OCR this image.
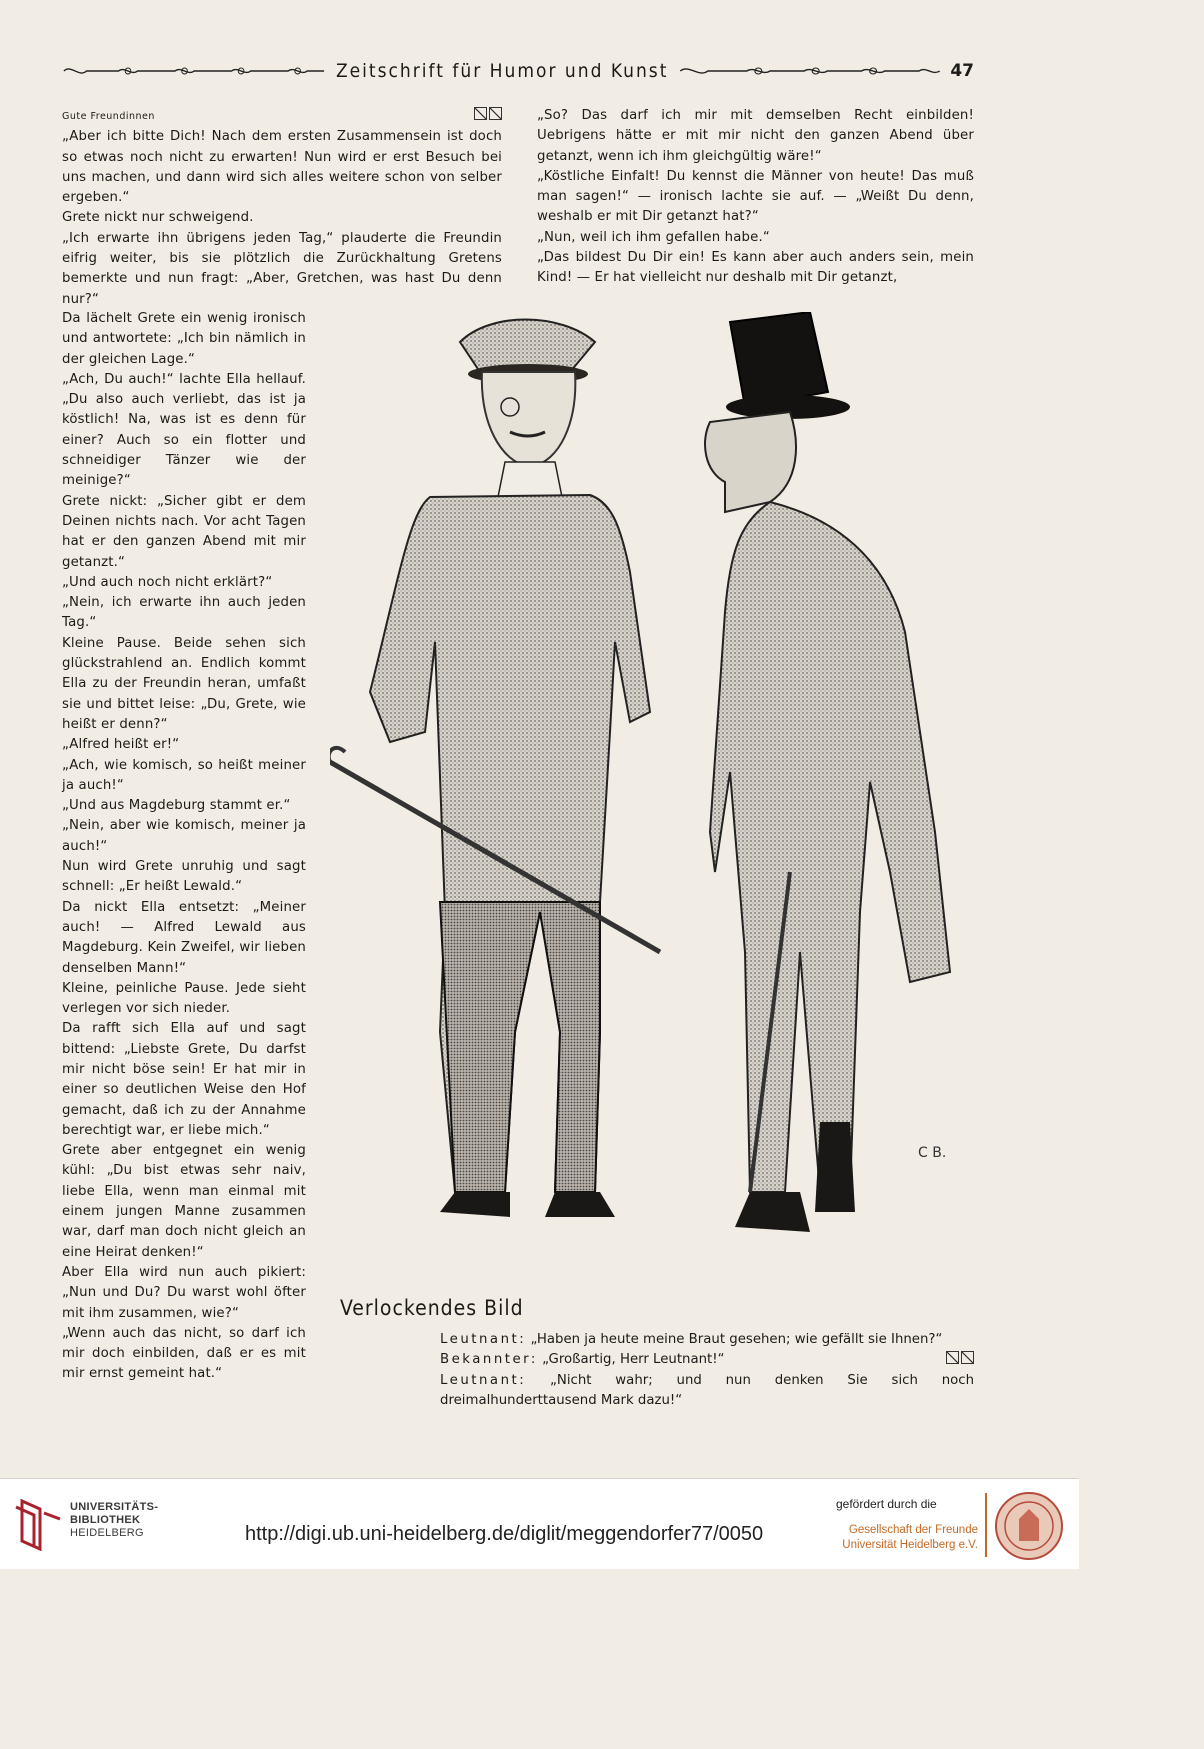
Zeitschrift für Humor und Kunst	47

Gute Freundinnen

„Aber ich bitte Dich! Nach dem ersten Zusammensein ist doch so etwas noch nicht zu erwarten! Nun wird er erst Besuch bei uns machen, und dann wird sich alles weitere schon von selber ergeben.“

Grete nickt nur schweigend.

„Ich erwarte ihn übrigens jeden Tag,“ plauderte die Freundin eifrig weiter, bis sie plötzlich die Zurückhaltung Gretens bemerkte und nun fragt: „Aber, Gretchen, was hast Du denn nur?“

Da lächelt Grete ein wenig ironisch und antwortete: „Ich bin nämlich in der gleichen Lage.“

„Ach, Du auch!“ lachte Ella hellauf. „Du also auch verliebt, das ist ja köstlich! Na, was ist es denn für einer? Auch so ein flotter und schneidiger Tänzer wie der meinige?“

Grete nickt: „Sicher gibt er dem Deinen nichts nach. Vor acht Tagen hat er den ganzen Abend mit mir getanzt.“

„Und auch noch nicht erklärt?“

„Nein, ich erwarte ihn auch jeden Tag.“

Kleine Pause. Beide sehen sich glückstrahlend an. Endlich kommt Ella zu der Freundin heran, umfaßt sie und bittet leise: „Du, Grete, wie heißt er denn?“

„Alfred heißt er!“

„Ach, wie komisch, so heißt meiner ja auch!“

„Und aus Magdeburg stammt er.“

„Nein, aber wie komisch, meiner ja auch!“

Nun wird Grete unruhig und sagt schnell: „Er heißt Lewald.“

Da nickt Ella entsetzt: „Meiner auch! — Alfred Lewald aus Magdeburg. Kein Zweifel, wir lieben denselben Mann!“

Kleine, peinliche Pause. Jede sieht verlegen vor sich nieder.

Da rafft sich Ella auf und sagt bittend: „Liebste Grete, Du darfst mir nicht böse sein! Er hat mir in einer so deutlichen Weise den Hof gemacht, daß ich zu der Annahme berechtigt war, er liebe mich.“

Grete aber entgegnet ein wenig kühl: „Du bist etwas sehr naiv, liebe Ella, wenn man einmal mit einem jungen Manne zusammen war, darf man doch nicht gleich an eine Heirat denken!“

Aber Ella wird nun auch pikiert: „Nun und Du? Du warst wohl öfter mit ihm zusammen, wie?“

„Wenn auch das nicht, so darf ich mir doch einbilden, daß er es mit mir ernst gemeint hat.“

„So? Das darf ich mir mit demselben Recht einbilden! Uebrigens hätte er mit mir nicht den ganzen Abend über getanzt, wenn ich ihm gleichgültig wäre!“

„Köstliche Einfalt! Du kennst die Männer von heute! Das muß man sagen!“ — ironisch lachte sie auf. — „Weißt Du denn, weshalb er mit Dir getanzt hat?“

„Nun, weil ich ihm gefallen habe.“

„Das bildest Du Dir ein! Es kann aber auch anders sein, mein Kind! — Er hat vielleicht nur deshalb mit Dir getanzt,

C B.
Verlockendes Bild

Leutnant: „Haben ja heute meine Braut gesehen; wie gefällt sie Ihnen?“

Bekannter: „Großartig, Herr Leutnant!“

Leutnant: „Nicht wahr; und nun denken Sie sich noch dreimalhunderttausend Mark dazu!“

UNIVERSITÄTS-
BIBLIOTHEK
HEIDELBERG	http://digi.ub.uni-heidelberg.de/diglit/meggendorfer77/0050
gefördert durch die
Gesellschaft der Freunde
Universität Heidelberg e.V.
